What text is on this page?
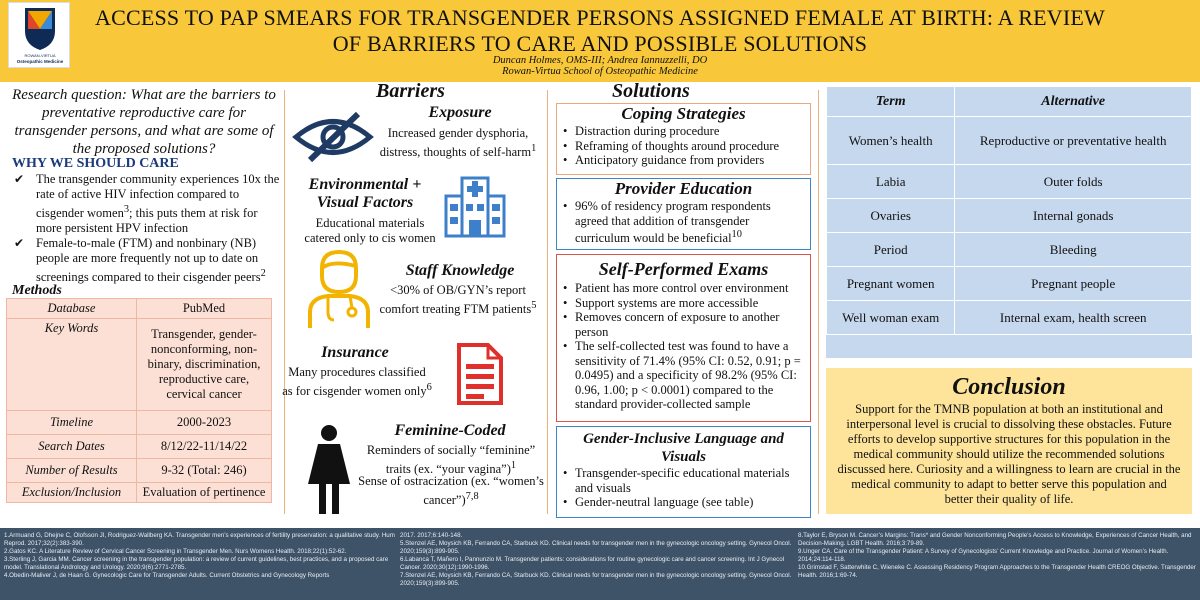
ROWAN-VIRTUA
Osteopathic Medicine
ACCESS TO PAP SMEARS FOR TRANSGENDER PERSONS ASSIGNED FEMALE AT BIRTH: A REVIEW
OF BARRIERS TO CARE AND POSSIBLE SOLUTIONS
Duncan Holmes, OMS-III; Andrea Iannuzzelli, DO
Rowan-Virtua School of Osteopathic Medicine
Research question: What are the barriers to preventative reproductive care for transgender persons, and what are some of the proposed solutions?
WHY WE SHOULD CARE
✔ The transgender community experiences 10x the rate of active HIV infection compared to cisgender women$^3$; this puts them at risk for more persistent HPV infection
✔ Female-to-male (FTM) and nonbinary (NB) people are more frequently not up to date on screenings compared to their cisgender peers$^2$
Methods
Database	PubMed
Key Words	Transgender, gender-nonconforming, non-binary, discrimination, reproductive care, cervical cancer
Timeline	2000-2023
Search Dates	8/12/22-11/14/22
Number of Results	9-32 (Total: 246)
Exclusion/Inclusion	Evaluation of pertinence
Barriers
Exposure
Increased gender dysphoria, distress, thoughts of self-harm$^1$
Environmental +
Visual Factors
Educational materials catered only to cis women
Staff Knowledge
<30% of OB/GYN’s report comfort treating FTM patients$^5$
Insurance
Many procedures classified as for cisgender women only$^6$
Feminine-Coded
Reminders of socially “feminine” traits (ex. “your vagina”)$^1$
Sense of ostracization (ex. “women’s cancer”)$^{7,8}$
Solutions
Coping Strategies
• Distraction during procedure
• Reframing of thoughts around procedure
• Anticipatory guidance from providers
Provider Education
• 96% of residency program respondents agreed that addition of transgender curriculum would be beneficial$^{10}$
Self-Performed Exams
• Patient has more control over environment
• Support systems are more accessible
• Removes concern of exposure to another person
• The self-collected test was found to have a sensitivity of 71.4% (95% CI: 0.52, 0.91; p = 0.0495) and a specificity of 98.2% (95% CI: 0.96, 1.00; p < 0.0001) compared to the standard provider-collected sample
Gender-Inclusive Language and Visuals
• Transgender-specific educational materials and visuals
• Gender-neutral language (see table)
Term	Alternative
Women’s health	Reproductive or preventative health
Labia	Outer folds
Ovaries	Internal gonads
Period	Bleeding
Pregnant women	Pregnant people
Well woman exam	Internal exam, health screen
Conclusion

Support for the TMNB population at both an institutional and interpersonal level is crucial to dissolving these obstacles. Future efforts to develop supportive structures for this population in the medical community should utilize the recommended solutions discussed here. Curiosity and a willingness to learn are crucial in the medical community to adapt to better serve this population and better their quality of life.

1.Armuand G, Dhejne C, Olofsson JI, Rodriguez-Wallberg KA. Transgender men’s experiences of fertility preservation: a qualitative study. Hum Reprod. 2017;32(2):383-390.
2.Gatos KC. A Literature Review of Cervical Cancer Screening in Transgender Men. Nurs Womens Health. 2018;22(1):52-62.
3.Sterling J, Garcia MM. Cancer screening in the transgender population: a review of current guidelines, best practices, and a proposed care model. Translational Andrology and Urology. 2020;9(6):2771-2785.
4.Obedin-Maliver J, de Haan G. Gynecologic Care for Transgender Adults. Current Obstetrics and Gynecology Reports
2017. 2017;6:140-148.
5.Stenzel AE, Moysich KB, Ferrando CA, Starbuck KD. Clinical needs for transgender men in the gynecologic oncology setting. Gynecol Oncol. 2020;159(3):899-905.
6.Labanca T, Mañero I, Pannunzio M. Transgender patients: considerations for routine gynecologic care and cancer screening. Int J Gynecol Cancer. 2020;30(12):1990-1996.
7.Stenzel AE, Moysich KB, Ferrando CA, Starbuck KD. Clinical needs for transgender men in the gynecologic oncology setting. Gynecol Oncol. 2020;159(3):899-905.
8.Taylor E, Bryson M. Cancer’s Margins: Trans* and Gender Nonconforming People’s Access to Knowledge, Experiences of Cancer Health, and Decision-Making. LGBT Health. 2016;3:79-89.
9.Unger CA. Care of the Transgender Patient: A Survey of Gynecologists’ Current Knowledge and Practice. Journal of Women’s Health. 2014;24:114-118.
10.Grimstad F, Satterwhite C, Wieneke C. Assessing Residency Program Approaches to the Transgender Health CREOG Objective. Transgender Health. 2016;1:69-74.
